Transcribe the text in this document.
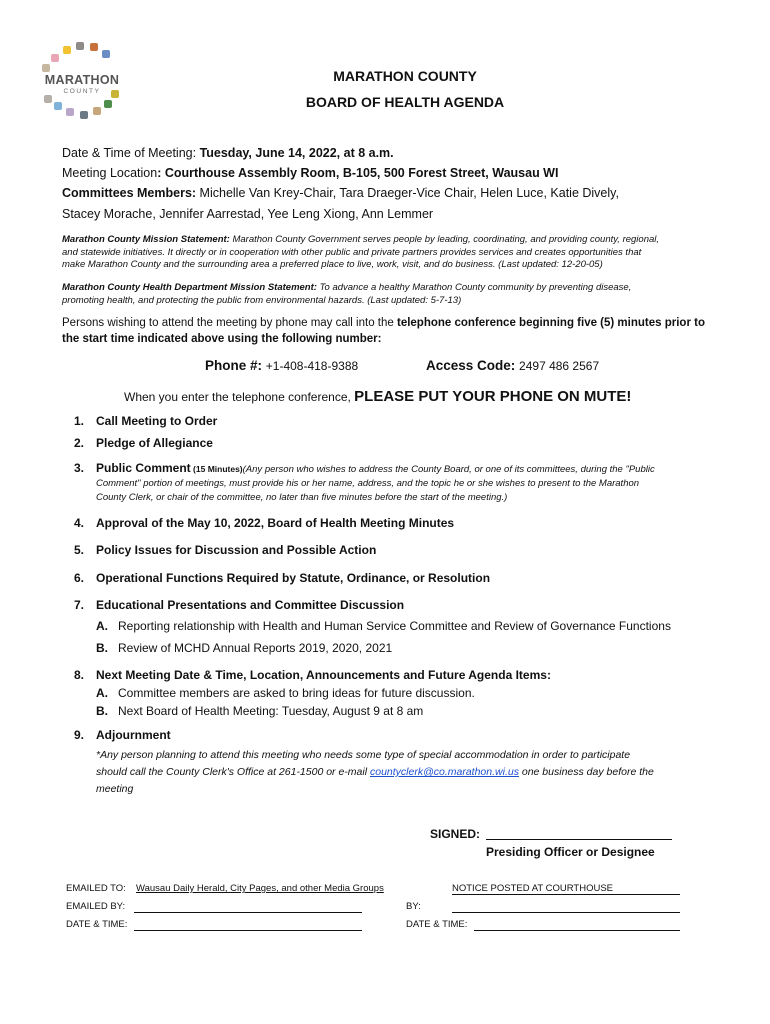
MARATHON
COUNTY
MARATHON COUNTY
BOARD OF HEALTH AGENDA
Date & Time of Meeting: Tuesday, June 14, 2022, at 8 a.m.
Meeting Location: Courthouse Assembly Room, B-105, 500 Forest Street, Wausau WI
Committees Members: Michelle Van Krey-Chair, Tara Draeger-Vice Chair, Helen Luce, Katie Dively,
Stacey Morache, Jennifer Aarrestad, Yee Leng Xiong, Ann Lemmer
Marathon County Mission Statement: Marathon County Government serves people by leading, coordinating, and providing county, regional,
and statewide initiatives. It directly or in cooperation with other public and private partners provides services and creates opportunities that
make Marathon County and the surrounding area a preferred place to live, work, visit, and do business. (Last updated: 12-20-05)
Marathon County Health Department Mission Statement: To advance a healthy Marathon County community by preventing disease,
promoting health, and protecting the public from environmental hazards. (Last updated: 5-7-13)
Persons wishing to attend the meeting by phone may call into the telephone conference beginning five (5) minutes prior to
the start time indicated above using the following number:
Phone #: +1-408-418-9388	Access Code: 2497 486 2567
When you enter the telephone conference, PLEASE PUT YOUR PHONE ON MUTE!
1. Call Meeting to Order
2. Pledge of Allegiance
3. Public Comment (15 Minutes)(Any person who wishes to address the County Board, or one of its committees, during the "Public
Comment" portion of meetings, must provide his or her name, address, and the topic he or she wishes to present to the Marathon
County Clerk, or chair of the committee, no later than five minutes before the start of the meeting.)
4. Approval of the May 10, 2022, Board of Health Meeting Minutes
5. Policy Issues for Discussion and Possible Action
6. Operational Functions Required by Statute, Ordinance, or Resolution
7. Educational Presentations and Committee Discussion
A. Reporting relationship with Health and Human Service Committee and Review of Governance Functions
B. Review of MCHD Annual Reports 2019, 2020, 2021
8. Next Meeting Date & Time, Location, Announcements and Future Agenda Items:
A. Committee members are asked to bring ideas for future discussion.
B. Next Board of Health Meeting: Tuesday, August 9 at 8 am
9. Adjournment
*Any person planning to attend this meeting who needs some type of special accommodation in order to participate
should call the County Clerk's Office at 261-1500 or e-mail countyclerk@co.marathon.wi.us one business day before the
meeting
SIGNED:
Presiding Officer or Designee
EMAILED TO: Wausau Daily Herald, City Pages, and other Media Groups	NOTICE POSTED AT COURTHOUSE
EMAILED BY:	BY:
DATE & TIME:	DATE & TIME:
